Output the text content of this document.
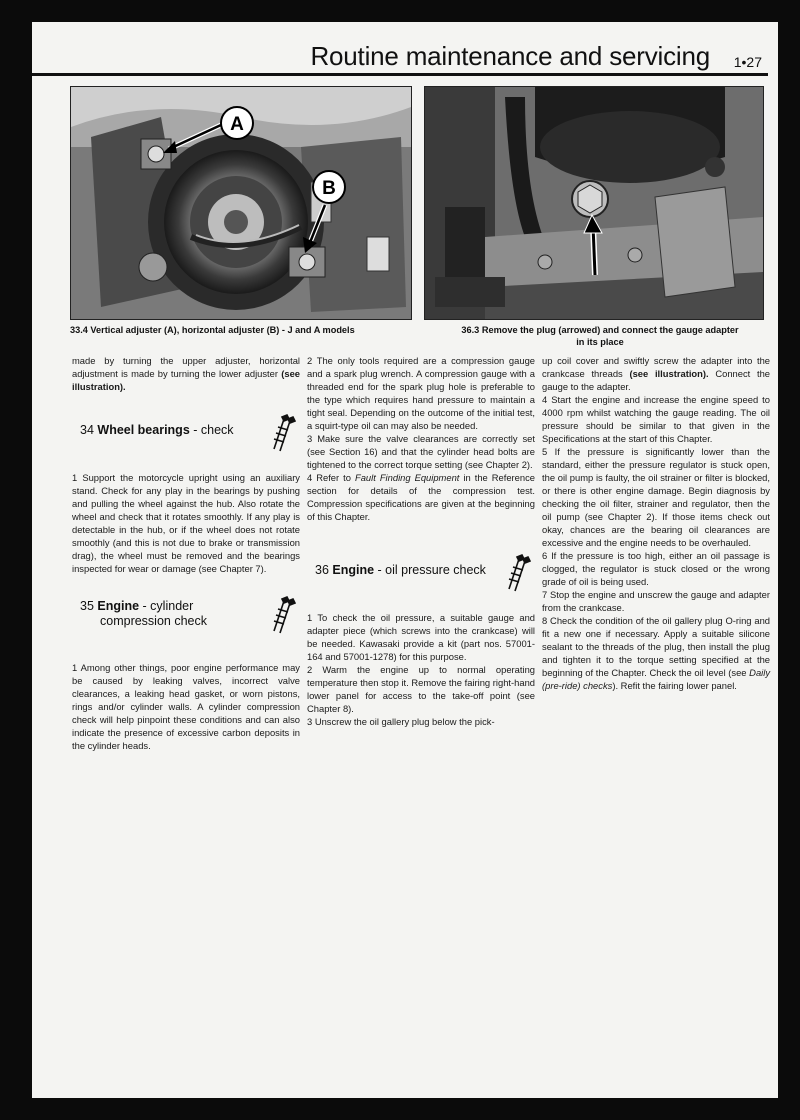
Routine maintenance and servicing 1•27
A
B
33.4 Vertical adjuster (A), horizontal adjuster (B) - J and A models	36.3 Remove the plug (arrowed) and connect the gauge adapter
in its place

made by turning the upper adjuster, horizontal adjustment is made by turning the lower adjuster (see illustration).

34 Wheel bearings - check

1 Support the motorcycle upright using an auxiliary stand. Check for any play in the bearings by pushing and pulling the wheel against the hub. Also rotate the wheel and check that it rotates smoothly. If any play is detectable in the hub, or if the wheel does not rotate smoothly (and this is not due to brake or transmission drag), the wheel must be removed and the bearings inspected for wear or damage (see Chapter 7).

35 Engine - cylinder
compression check

1 Among other things, poor engine performance may be caused by leaking valves, incorrect valve clearances, a leaking head gasket, or worn pistons, rings and/or cylinder walls. A cylinder compression check will help pinpoint these conditions and can also indicate the presence of excessive carbon deposits in the cylinder heads.

2 The only tools required are a compression gauge and a spark plug wrench. A compression gauge with a threaded end for the spark plug hole is preferable to the type which requires hand pressure to maintain a tight seal. Depending on the outcome of the initial test, a squirt-type oil can may also be needed.

3 Make sure the valve clearances are correctly set (see Section 16) and that the cylinder head bolts are tightened to the correct torque setting (see Chapter 2).

4 Refer to Fault Finding Equipment in the Reference section for details of the compression test. Compression specifications are given at the beginning of this Chapter.

36 Engine - oil pressure check

1 To check the oil pressure, a suitable gauge and adapter piece (which screws into the crankcase) will be needed. Kawasaki provide a kit (part nos. 57001-164 and 57001-1278) for this purpose.

2 Warm the engine up to normal operating temperature then stop it. Remove the fairing right-hand lower panel for access to the take-off point (see Chapter 8).

3 Unscrew the oil gallery plug below the pick-

up coil cover and swiftly screw the adapter into the crankcase threads (see illustration). Connect the gauge to the adapter.

4 Start the engine and increase the engine speed to 4000 rpm whilst watching the gauge reading. The oil pressure should be similar to that given in the Specifications at the start of this Chapter.

5 If the pressure is significantly lower than the standard, either the pressure regulator is stuck open, the oil pump is faulty, the oil strainer or filter is blocked, or there is other engine damage. Begin diagnosis by checking the oil filter, strainer and regulator, then the oil pump (see Chapter 2). If those items check out okay, chances are the bearing oil clearances are excessive and the engine needs to be overhauled.

6 If the pressure is too high, either an oil passage is clogged, the regulator is stuck closed or the wrong grade of oil is being used.

7 Stop the engine and unscrew the gauge and adapter from the crankcase.

8 Check the condition of the oil gallery plug O-ring and fit a new one if necessary. Apply a suitable silicone sealant to the threads of the plug, then install the plug and tighten it to the torque setting specified at the beginning of the Chapter. Check the oil level (see Daily (pre-ride) checks). Refit the fairing lower panel.
